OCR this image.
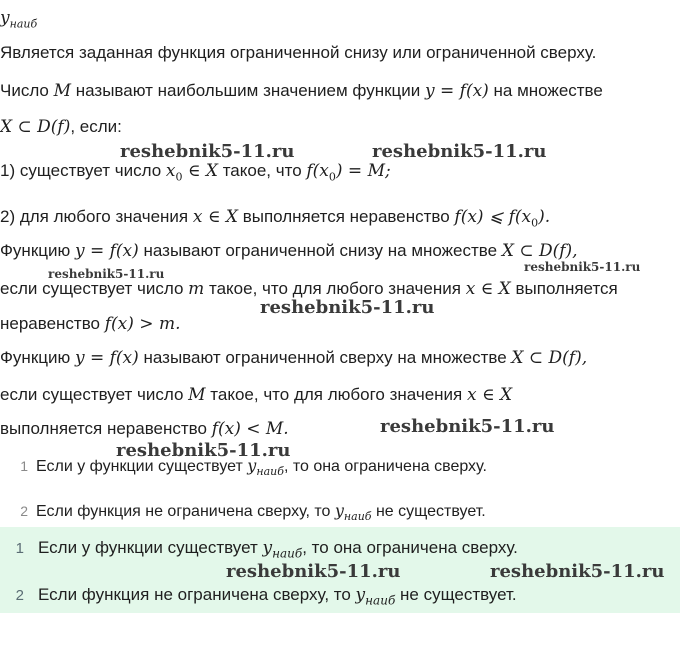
$y_{наиб}$
Является заданная функция ограниченной снизу или ограниченной сверху.
Число M называют наибольшим значением функции y = f(x) на множестве
X ⊂ D(f), если:
1) существует число $x_0$ ∈ X такое, что $f(x_0) = M$;
2) для любого значения x ∈ X выполняется неравенство f(x) ⩽ $f(x_0)$.
Функцию y = f(x) называют ограниченной снизу на множестве X ⊂ D(f),
если существует число m такое, что для любого значения x ∈ X выполняется
неравенство f(x) > m.
Функцию y = f(x) называют ограниченной сверху на множестве X ⊂ D(f),
если существует число M такое, что для любого значения x ∈ X
выполняется неравенство f(x) < M.
1 Если у функции существует $y_{наиб}$, то она ограничена сверху.
2 Если функция не ограничена сверху, то $y_{наиб}$ не существует.
1 Если у функции существует $y_{наиб}$, то она ограничена сверху.
2 Если функция не ограничена сверху, то $y_{наиб}$ не существует.
reshebnik5-11.ru	reshebnik5-11.ru
reshebnik5-11.ru	reshebnik5-11.ru
reshebnik5-11.ru
reshebnik5-11.ru
reshebnik5-11.ru
reshebnik5-11.ru	reshebnik5-11.ru
